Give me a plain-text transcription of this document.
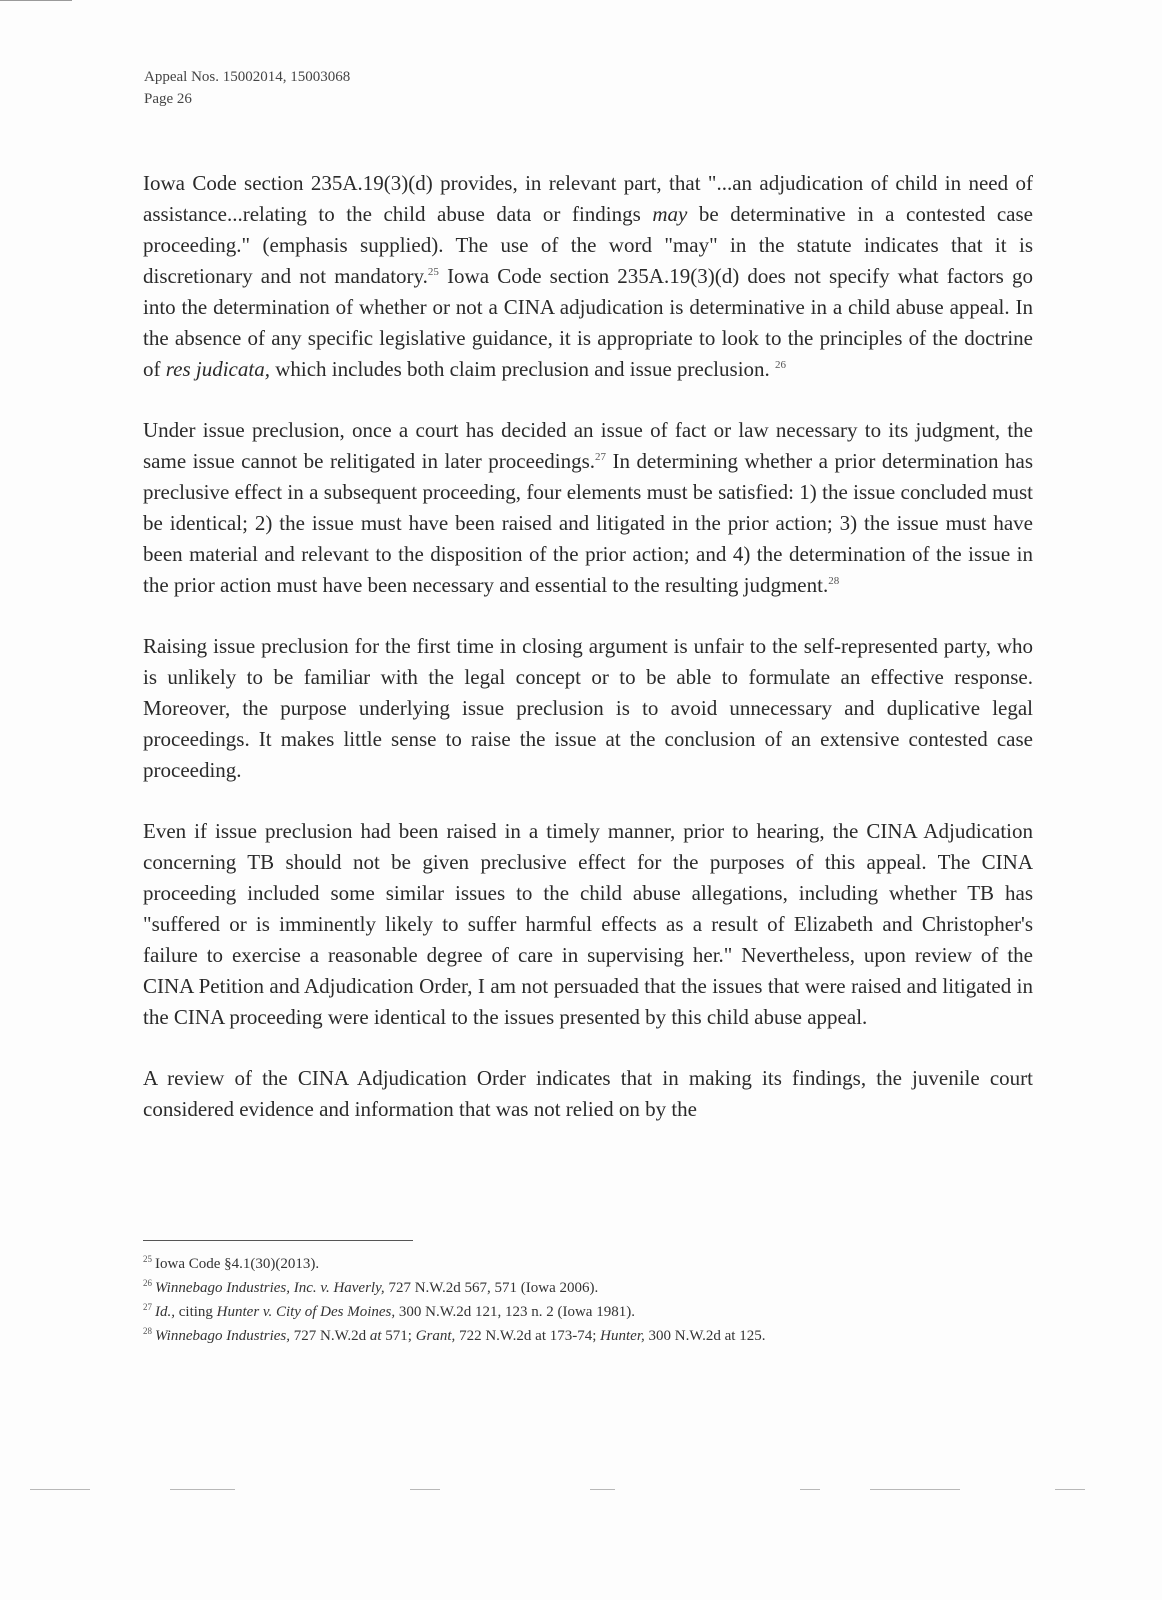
Appeal Nos. 15002014, 15003068
Page 26

Iowa Code section 235A.19(3)(d) provides, in relevant part, that "...an adjudication of child in need of assistance...relating to the child abuse data or findings may be determinative in a contested case proceeding." (emphasis supplied). The use of the word "may" in the statute indicates that it is discretionary and not mandatory.$^{25}$ Iowa Code section 235A.19(3)(d) does not specify what factors go into the determination of whether or not a CINA adjudication is determinative in a child abuse appeal. In the absence of any specific legislative guidance, it is appropriate to look to the principles of the doctrine of res judicata, which includes both claim preclusion and issue preclusion. $^{26}$

Under issue preclusion, once a court has decided an issue of fact or law necessary to its judgment, the same issue cannot be relitigated in later proceedings.$^{27}$ In determining whether a prior determination has preclusive effect in a subsequent proceeding, four elements must be satisfied: 1) the issue concluded must be identical; 2) the issue must have been raised and litigated in the prior action; 3) the issue must have been material and relevant to the disposition of the prior action; and 4) the determination of the issue in the prior action must have been necessary and essential to the resulting judgment.$^{28}$

Raising issue preclusion for the first time in closing argument is unfair to the self-represented party, who is unlikely to be familiar with the legal concept or to be able to formulate an effective response. Moreover, the purpose underlying issue preclusion is to avoid unnecessary and duplicative legal proceedings. It makes little sense to raise the issue at the conclusion of an extensive contested case proceeding.

Even if issue preclusion had been raised in a timely manner, prior to hearing, the CINA Adjudication concerning TB should not be given preclusive effect for the purposes of this appeal. The CINA proceeding included some similar issues to the child abuse allegations, including whether TB has "suffered or is imminently likely to suffer harmful effects as a result of Elizabeth and Christopher's failure to exercise a reasonable degree of care in supervising her." Nevertheless, upon review of the CINA Petition and Adjudication Order, I am not persuaded that the issues that were raised and litigated in the CINA proceeding were identical to the issues presented by this child abuse appeal.

A review of the CINA Adjudication Order indicates that in making its findings, the juvenile court considered evidence and information that was not relied on by the

$^{25}$ Iowa Code §4.1(30)(2013).
$^{26}$ Winnebago Industries, Inc. v. Haverly, 727 N.W.2d 567, 571 (Iowa 2006).
$^{27}$ Id., citing Hunter v. City of Des Moines, 300 N.W.2d 121, 123 n. 2 (Iowa 1981).
$^{28}$ Winnebago Industries, 727 N.W.2d at 571; Grant, 722 N.W.2d at 173-74; Hunter, 300 N.W.2d at 125.
